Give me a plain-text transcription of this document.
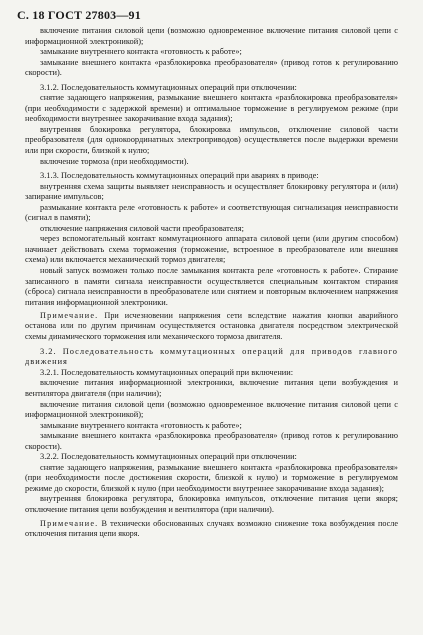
С. 18 ГОСТ 27803—91

включение питания силовой цепи (возможно одновременное включение питания силовой цепи с информационной электроникой);

замыкание внутреннего контакта «готовность к работе»;

замыкание внешнего контакта «разблокировка преобразователя» (привод готов к регулированию скорости).

3.1.2. Последовательность коммутационных операций при отключении:

снятие задающего напряжения, размыкание внешнего контакта «разблокировка преобразователя» (при необходимости с задержкой времени) и оптимальное торможение в регулируемом режиме (при необходимости внутреннее закорачивание входа задания);

внутренняя блокировка регулятора, блокировка импульсов, отключение силовой части преобразователя (для однокоординатных электроприводов) осуществляется после выдержки времени или при скорости, близкой к нулю;

включение тормоза (при необходимости).

3.1.3. Последовательность коммутационных операций при авариях в приводе:

внутренняя схема защиты выявляет неисправность и осуществляет блокировку регулятора и (или) запирание импульсов;

размыкание контакта реле «готовность к работе» и соответствующая сигнализация неисправности (сигнал в памяти);

отключение напряжения силовой части преобразователя;

через вспомогательный контакт коммутационного аппарата силовой цепи (или другим способом) начинает действовать схема торможения (торможение, встроенное в преобразователе или внешняя схема) или включается механический тормоз двигателя;

новый запуск возможен только после замыкания контакта реле «готовность к работе». Стирание записанного в памяти сигнала неисправности осуществляется специальным контактом стирания (сброса) сигнала неисправности в преобразователе или снятием и повторным включением напряжения питания информационной электроники.

Примечание. При исчезновении напряжения сети вследствие нажатия кнопки аварийного останова или по другим причинам осуществляется остановка двигателя посредством электрической схемы динамического торможения или механического тормоза двигателя.

3.2. Последовательность коммутационных операций для приводов главного движения

3.2.1. Последовательность коммутационных операций при включении:

включение питания информационной электроники, включение питания цепи возбуждения и вентилятора двигателя (при наличии);

включение питания силовой цепи (возможно одновременное включение питания силовой цепи с информационной электроникой);

замыкание внутреннего контакта «готовность к работе»;

замыкание внешнего контакта «разблокировка преобразователя» (привод готов к регулированию скорости).

3.2.2. Последовательность коммутационных операций при отключении:

снятие задающего напряжения, размыкание внешнего контакта «разблокировка преобразователя» (при необходимости после достижения скорости, близкой к нулю) и торможение в регулируемом режиме до скорости, близкой к нулю (при необходимости внутреннее закорачивание входа задания);

внутренняя блокировка регулятора, блокировка импульсов, отключение питания цепи якоря; отключение питания цепи возбуждения и вентилятора (при наличии).

Примечание. В технически обоснованных случаях возможно снижение тока возбуждения после отключения питания цепи якоря.
